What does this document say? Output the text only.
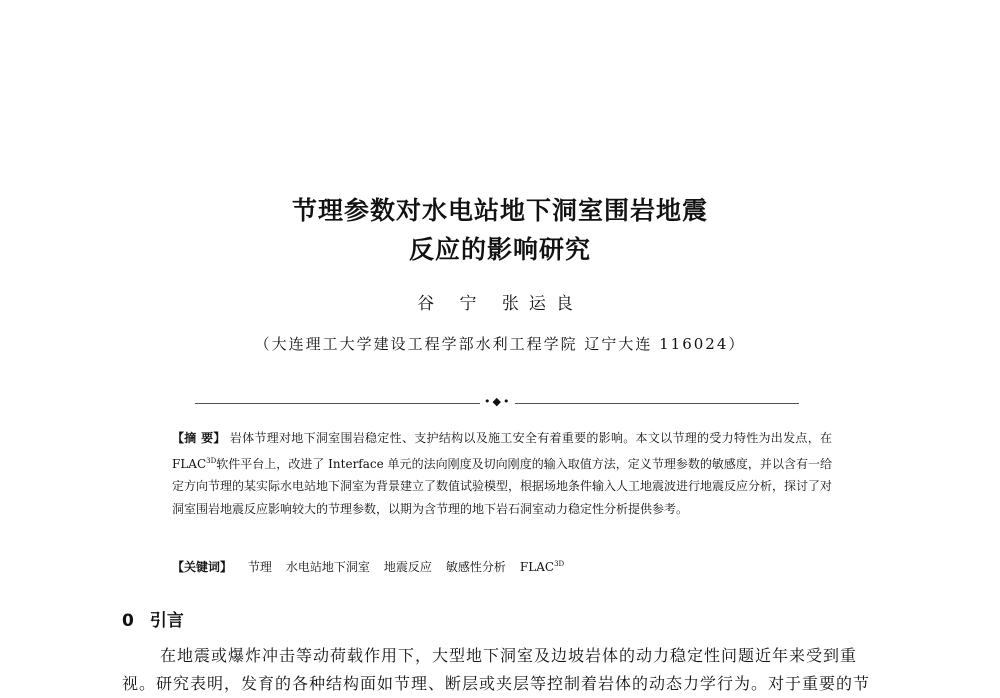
节理参数对水电站地下洞室围岩地震
反应的影响研究

谷 宁 张运良

（大连理工大学建设工程学部水利工程学院 辽宁大连 116024）

•◆•

【摘 要】 岩体节理对地下洞室围岩稳定性、支护结构以及施工安全有着重要的影响。本文以节理的受力特性为出发点，在 $FLAC^{3D}$软件平台上，改进了 Interface 单元的法向刚度及切向刚度的输入取值方法，定义节理参数的敏感度，并以含有一给定方向节理的某实际水电站地下洞室为背景建立了数值试验模型，根据场地条件输入人工地震波进行地震反应分析，探讨了对洞室围岩地震反应影响较大的节理参数，以期为含节理的地下岩石洞室动力稳定性分析提供参考。

【关键词】 节理 水电站地下洞室 地震反应 敏感性分析 $FLAC^{3D}$

0 引言

在地震或爆炸冲击等动荷载作用下，大型地下洞室及边坡岩体的动力稳定性问题近年来受到重视。研究表明，发育的各种结构面如节理、断层或夹层等控制着岩体的动态力学行为。对于重要的节
